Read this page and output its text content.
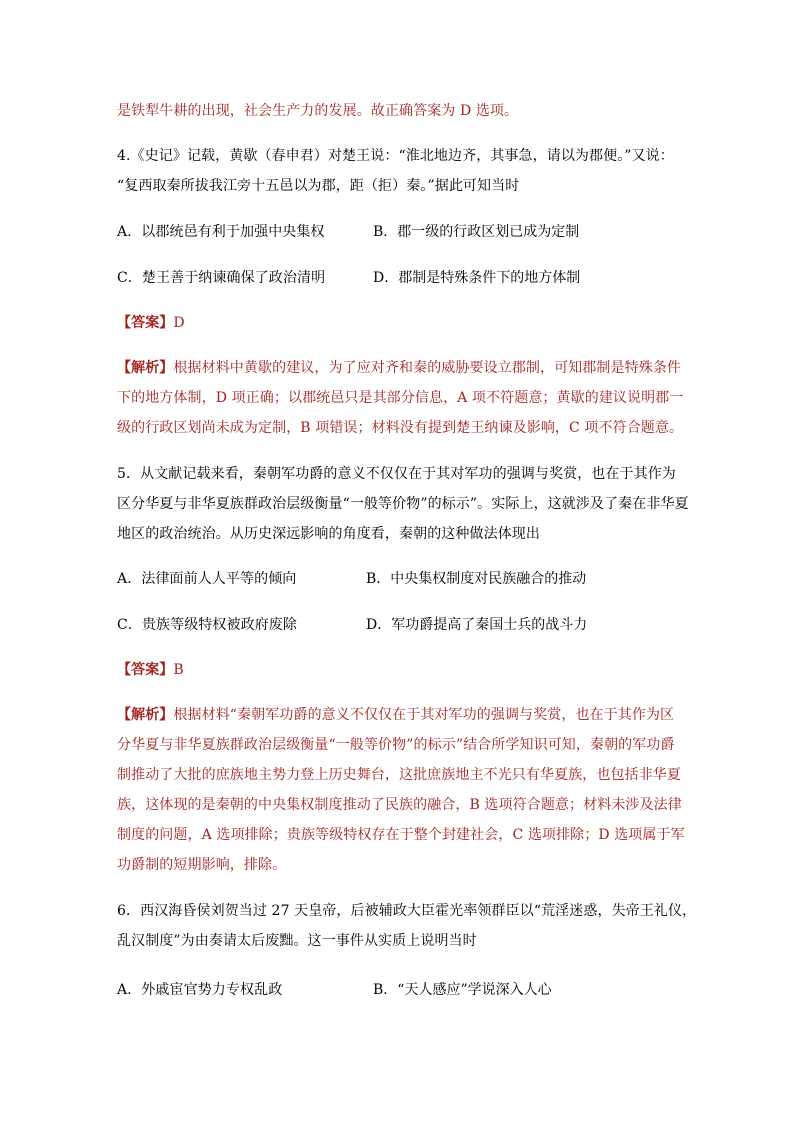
是铁犁牛耕的出现，社会生产力的发展。故正确答案为 D 选项。
4.《史记》记载，黄歇（春申君）对楚王说：“淮北地边齐，其事急，请以为郡便。”又说：
“复西取秦所拔我江旁十五邑以为郡，距（拒）秦。”据此可知当时
A．以郡统邑有利于加强中央集权	B．郡一级的行政区划已成为定制
C．楚王善于纳谏确保了政治清明	D．郡制是特殊条件下的地方体制
【答案】D
【解析】根据材料中黄歇的建议，为了应对齐和秦的威胁要设立郡制，可知郡制是特殊条件
下的地方体制，D 项正确；以郡统邑只是其部分信息，A 项不符题意；黄歇的建议说明郡一
级的行政区划尚未成为定制，B 项错误；材料没有提到楚王纳谏及影响，C 项不符合题意。
5．从文献记载来看，秦朝军功爵的意义不仅仅在于其对军功的强调与奖赏，也在于其作为
区分华夏与非华夏族群政治层级衡量“一般等价物”的标示”。实际上，这就涉及了秦在非华夏
地区的政治统治。从历史深远影响的角度看，秦朝的这种做法体现出
A．法律面前人人平等的倾向	B．中央集权制度对民族融合的推动
C．贵族等级特权被政府废除	D．军功爵提高了秦国士兵的战斗力
【答案】B
【解析】根据材料“秦朝军功爵的意义不仅仅在于其对军功的强调与奖赏，也在于其作为区
分华夏与非华夏族群政治层级衡量“一般等价物”的标示”结合所学知识可知，秦朝的军功爵
制推动了大批的庶族地主势力登上历史舞台，这批庶族地主不光只有华夏族，也包括非华夏
族，这体现的是秦朝的中央集权制度推动了民族的融合，B 选项符合题意；材料未涉及法律
制度的问题，A 选项排除；贵族等级特权存在于整个封建社会，C 选项排除；D 选项属于军
功爵制的短期影响，排除。
6．西汉海昏侯刘贺当过 27 天皇帝，后被辅政大臣霍光率领群臣以“荒淫迷惑，失帝王礼仪，
乱汉制度”为由奏请太后废黜。这一事件从实质上说明当时
A．外戚宦官势力专权乱政	B．“天人感应”学说深入人心
